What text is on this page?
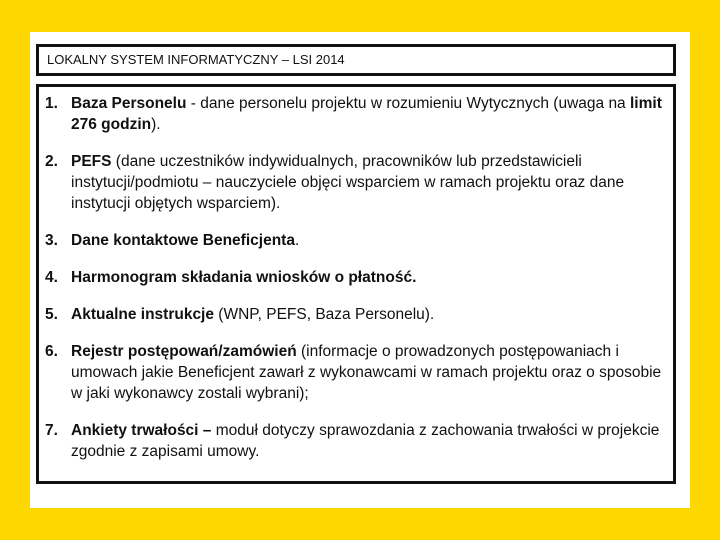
LOKALNY SYSTEM INFORMATYCZNY – LSI 2014
1. Baza Personelu - dane personelu projektu w rozumieniu Wytycznych (uwaga na limit 276 godzin).
2. PEFS (dane uczestników indywidualnych, pracowników lub przedstawicieli instytucji/podmiotu – nauczyciele objęci wsparciem w ramach projektu oraz dane instytucji objętych wsparciem).
3. Dane kontaktowe Beneficjenta.
4. Harmonogram składania wniosków o płatność.
5. Aktualne instrukcje (WNP, PEFS, Baza Personelu).
6. Rejestr postępowań/zamówień (informacje o prowadzonych postępowaniach i umowach jakie Beneficjent zawarł z wykonawcami w ramach projektu oraz o sposobie w jaki wykonawcy zostali wybrani);
7. Ankiety trwałości – moduł dotyczy sprawozdania z zachowania trwałości w projekcie zgodnie z zapisami umowy.
